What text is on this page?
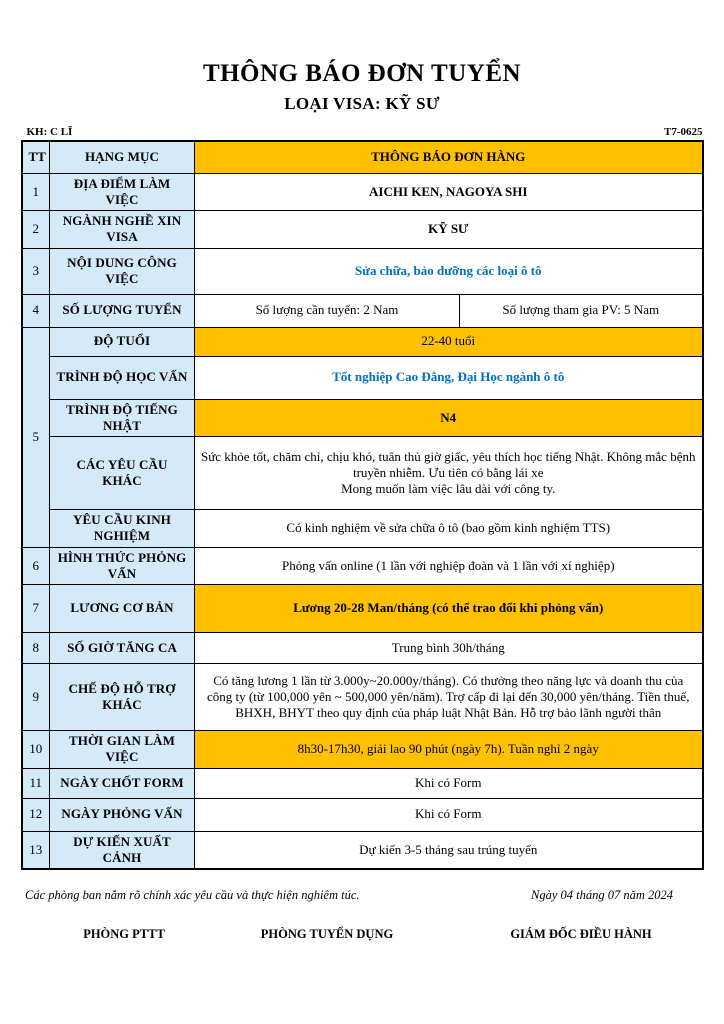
THÔNG BÁO ĐƠN TUYỂN
LOẠI VISA: KỸ SƯ
KH: C LĨ	T7-0625
TT	HẠNG MỤC	THÔNG BÁO ĐƠN HÀNG	
1	ĐỊA ĐIỂM LÀM VIỆC	AICHI KEN, NAGOYA SHI	
2	NGÀNH NGHỀ XIN VISA	KỸ SƯ	
3	NỘI DUNG CÔNG VIỆC	Sửa chữa, bảo dưỡng các loại ô tô	
4	SỐ LƯỢNG TUYỂN	Số lượng cần tuyển: 2 Nam	Số lượng tham gia PV: 5 Nam
5	ĐỘ TUỔI	22-40 tuổi	
	TRÌNH ĐỘ HỌC VẤN	Tốt nghiệp Cao Đẳng, Đại Học ngành ô tô	
	TRÌNH ĐỘ TIẾNG NHẬT	N4	
	CÁC YÊU CẦU KHÁC	Sức khỏe tốt, chăm chỉ, chịu khó, tuân thủ giờ giấc, yêu thích học tiếng Nhật. Không mắc bệnh truyền nhiễm. Ưu tiên có bằng lái xe
Mong muốn làm việc lâu dài với công ty.	

	YÊU CẦU KINH NGHIỆM	Có kinh nghiệm về sửa chữa ô tô (bao gồm kinh nghiệm TTS)	
6	HÌNH THỨC PHỎNG VẤN	Phỏng vấn online (1 lần với nghiệp đoàn và 1 lần với xí nghiệp)	
7	LƯƠNG CƠ BẢN	Lương 20-28 Man/tháng (có thể trao đổi khi phỏng vấn)	
8	SỐ GIỜ TĂNG CA	Trung bình 30h/tháng	
9	CHẾ ĐỘ HỖ TRỢ KHÁC	Có tăng lương 1 lần từ 3.000y~20.000y/tháng). Có thưởng theo năng lực và doanh thu của công ty (từ 100,000 yên ~ 500,000 yên/năm). Trợ cấp đi lại đến 30,000 yên/tháng. Tiền thuế, BHXH, BHYT theo quy định của pháp luật Nhật Bản. Hỗ trợ bảo lãnh người thân	
10	THỜI GIAN LÀM VIỆC	8h30-17h30, giải lao 90 phút (ngày 7h). Tuần nghỉ 2 ngày	
11	NGÀY CHỐT FORM	Khi có Form	
12	NGÀY PHỎNG VẤN	Khi có Form	
13	DỰ KIẾN XUẤT CẢNH	Dự kiến 3-5 tháng sau trúng tuyển	
Các phòng ban nắm rõ chính xác yêu cầu và thực hiện nghiêm túc.	Ngày 04 tháng 07 năm 2024
PHÒNG PTTT	PHÒNG TUYỂN DỤNG	GIÁM ĐỐC ĐIỀU HÀNH
